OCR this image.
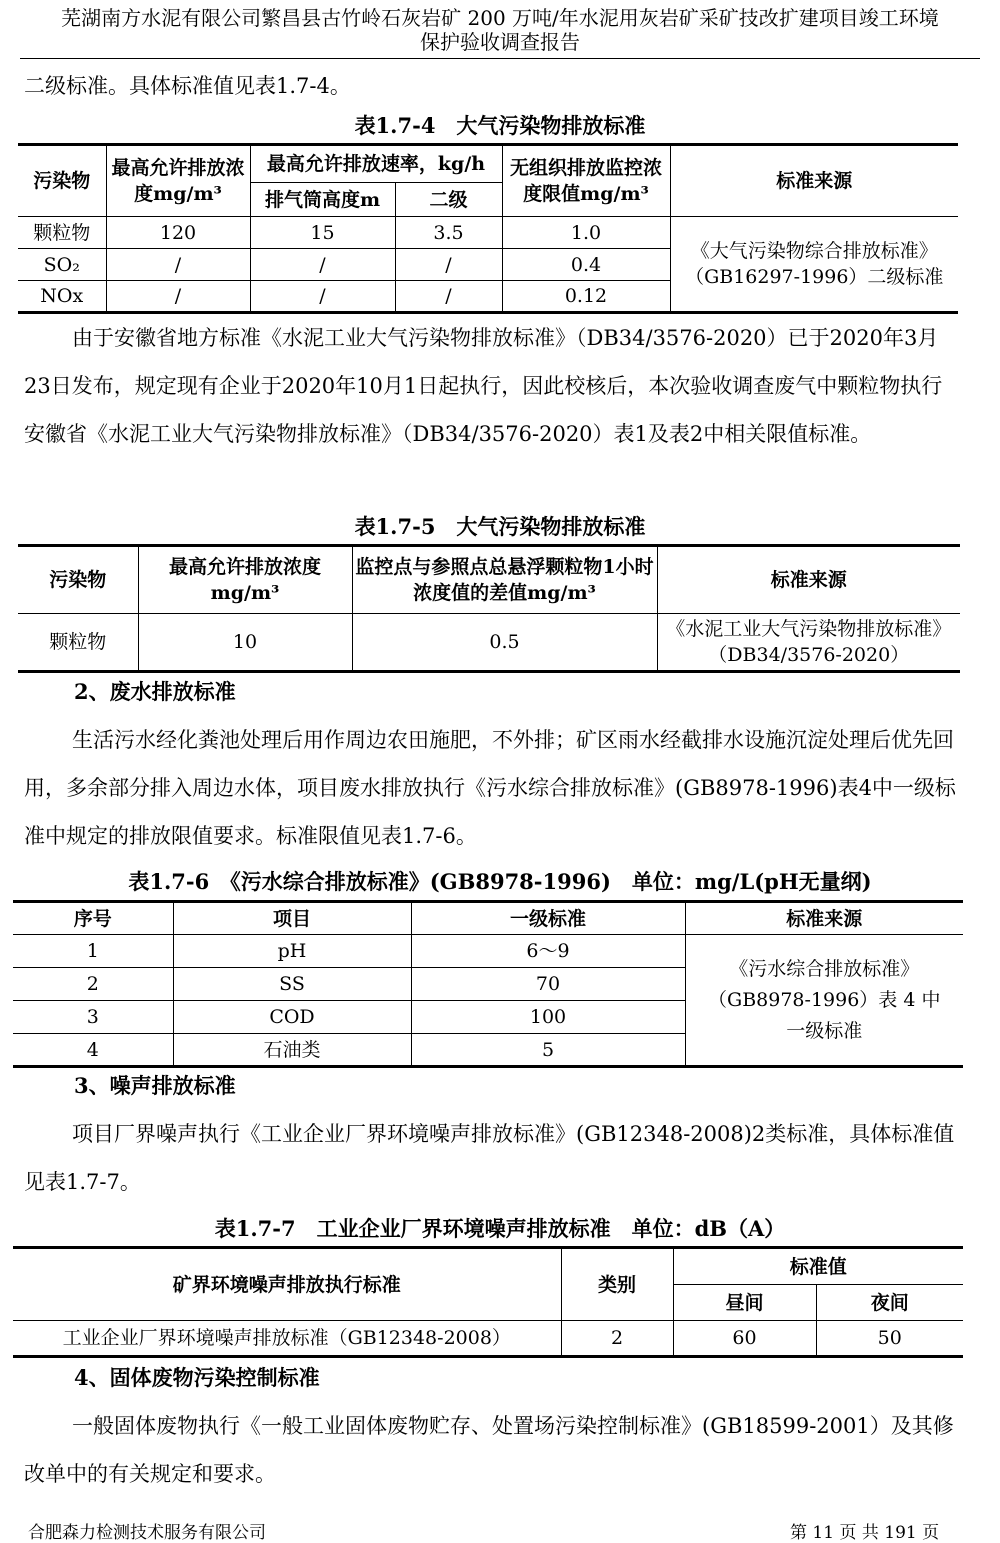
芜湖南方水泥有限公司繁昌县古竹岭石灰岩矿 200 万吨/年水泥用灰岩矿采矿技改扩建项目竣工环境
保护验收调查报告

二级标准。具体标准值见表1.7-4。

表1.7-4　大气污染物排放标准
污染物	最高允许排放浓度mg/m³	最高允许排放速率，kg/h		无组织排放监控浓度限值mg/m³	标准来源
		排气筒高度m	二级		
颗粒物	120	15	3.5	1.0	《大气污染物综合排放标准》（GB16297-1996）二级标准
SO₂	/	/	/	0.4	
NOx	/	/	/	0.12	

由于安徽省地方标准《水泥工业大气污染物排放标准》（DB34/3576-2020）已于2020年3月23日发布，规定现有企业于2020年10月1日起执行，因此校核后，本次验收调查废气中颗粒物执行安徽省《水泥工业大气污染物排放标准》（DB34/3576-2020）表1及表2中相关限值标准。

表1.7-5　大气污染物排放标准
污染物	最高允许排放浓度mg/m³	监控点与参照点总悬浮颗粒物1小时浓度值的差值mg/m³	标准来源
颗粒物	10	0.5	《水泥工业大气污染物排放标准》（DB34/3576-2020）
2、废水排放标准

生活污水经化粪池处理后用作周边农田施肥，不外排；矿区雨水经截排水设施沉淀处理后优先回用，多余部分排入周边水体，项目废水排放执行《污水综合排放标准》(GB8978-1996)表4中一级标准中规定的排放限值要求。标准限值见表1.7-6。

表1.7-6　《污水综合排放标准》(GB8978-1996)　单位：mg/L(pH无量纲)
序号	项目	一级标准	标准来源
1	pH	6～9	《污水综合排放标准》（GB8978-1996）表 4 中一级标准
2	SS	70	
3	COD	100	
4	石油类	5	
3、噪声排放标准

项目厂界噪声执行《工业企业厂界环境噪声排放标准》(GB12348-2008)2类标准，具体标准值见表1.7-7。

表1.7-7　工业企业厂界环境噪声排放标准　单位：dB（A）
矿界环境噪声排放执行标准	类别	标准值	
		昼间	夜间
工业企业厂界环境噪声排放标准（GB12348-2008）	2	60	50
4、固体废物污染控制标准

一般固体废物执行《一般工业固体废物贮存、处置场污染控制标准》(GB18599-2001）及其修改单中的有关规定和要求。

合肥森力检测技术服务有限公司	第 11 页 共 191 页
